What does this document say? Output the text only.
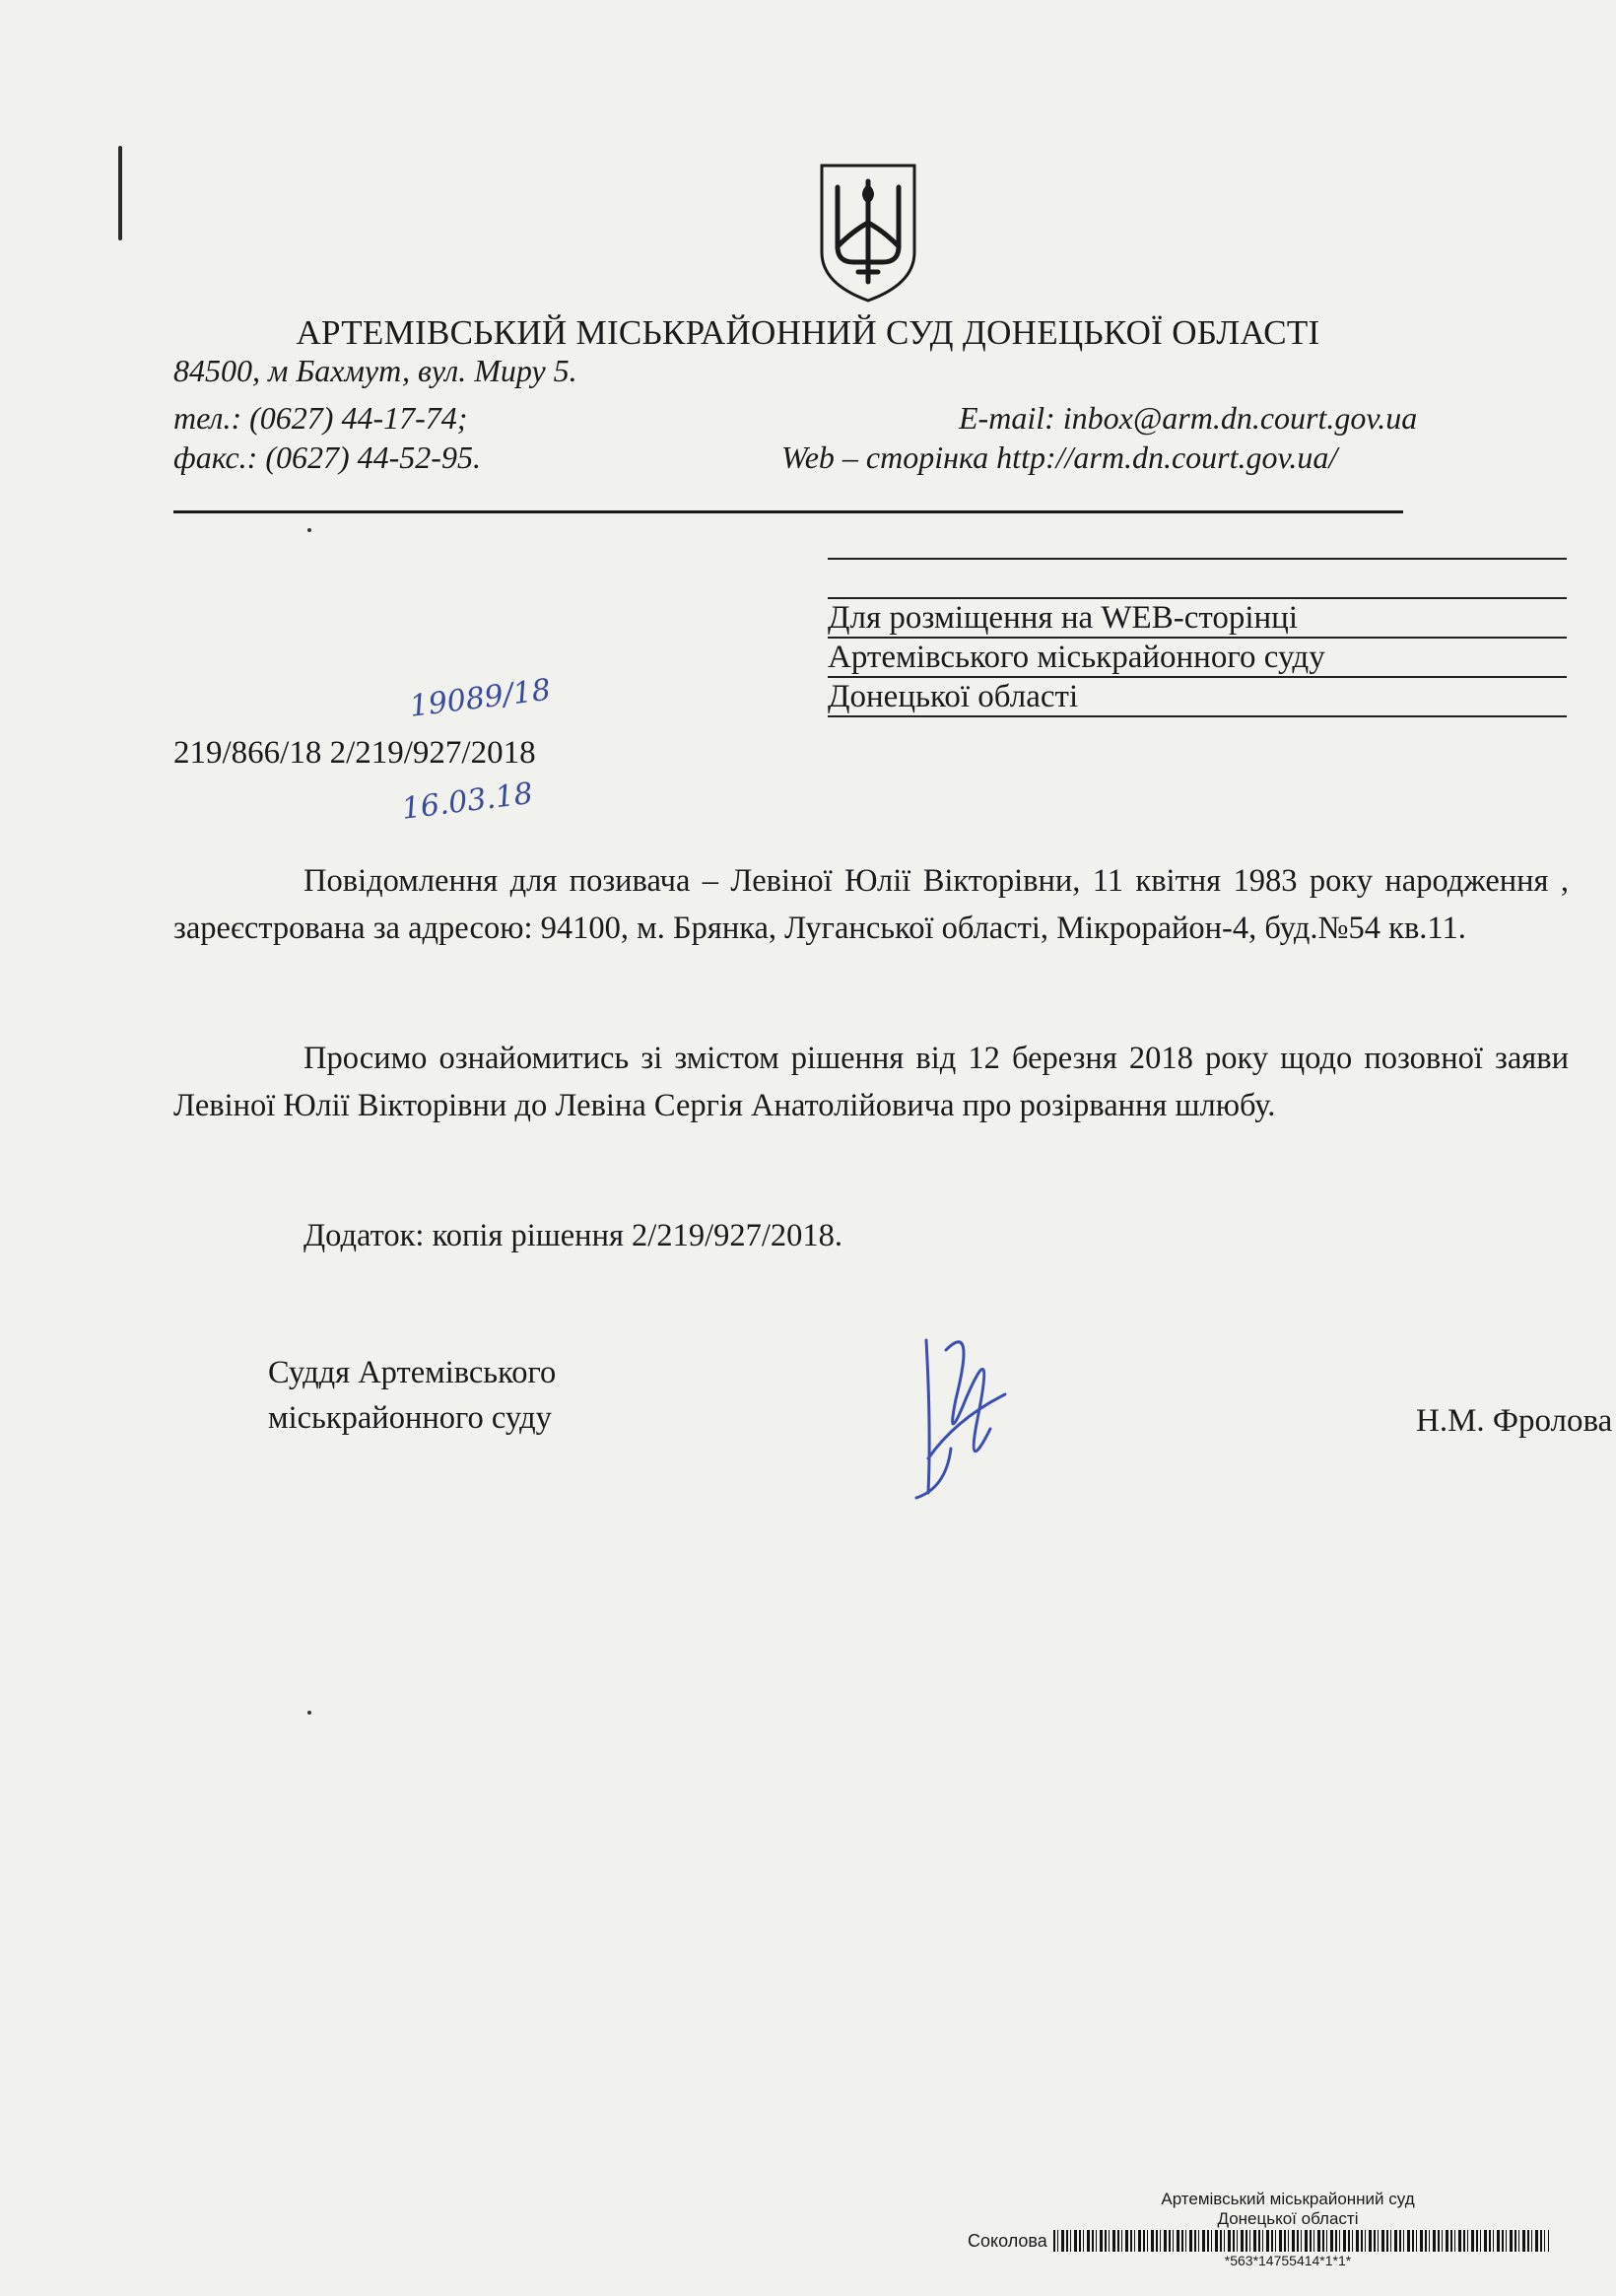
АРТЕМІВСЬКИЙ МІСЬКРАЙОННИЙ СУД ДОНЕЦЬКОЇ ОБЛАСТІ
84500, м Бахмут, вул. Миру 5.
тел.: (0627) 44-17-74;
факс.: (0627) 44-52-95.
E-mail: inbox@arm.dn.court.gov.ua
Web – сторінка http://arm.dn.court.gov.ua/
Для розміщення на WEB-сторінці
Артемівського міськрайонного суду
Донецької області
19089/18
219/866/18 2/219/927/2018
16.03.18
Повідомлення для позивача – Левіної Юлії Вікторівни, 11 квітня 1983 року народження , зареєстрована за адресою: 94100, м. Брянка, Луганської області, Мікрорайон-4, буд.№54 кв.11.
Просимо ознайомитись зі змістом рішення від 12 березня 2018 року щодо позовної заяви Левіної Юлії Вікторівни до Левіна Сергія Анатолійовича про розірвання шлюбу.
Додаток: копія рішення 2/219/927/2018.
Суддя Артемівського
міськрайонного суду	Н.М. Фролова
Артемівський міськрайонний суд
Донецької області
Соколова
*563*14755414*1*1*
